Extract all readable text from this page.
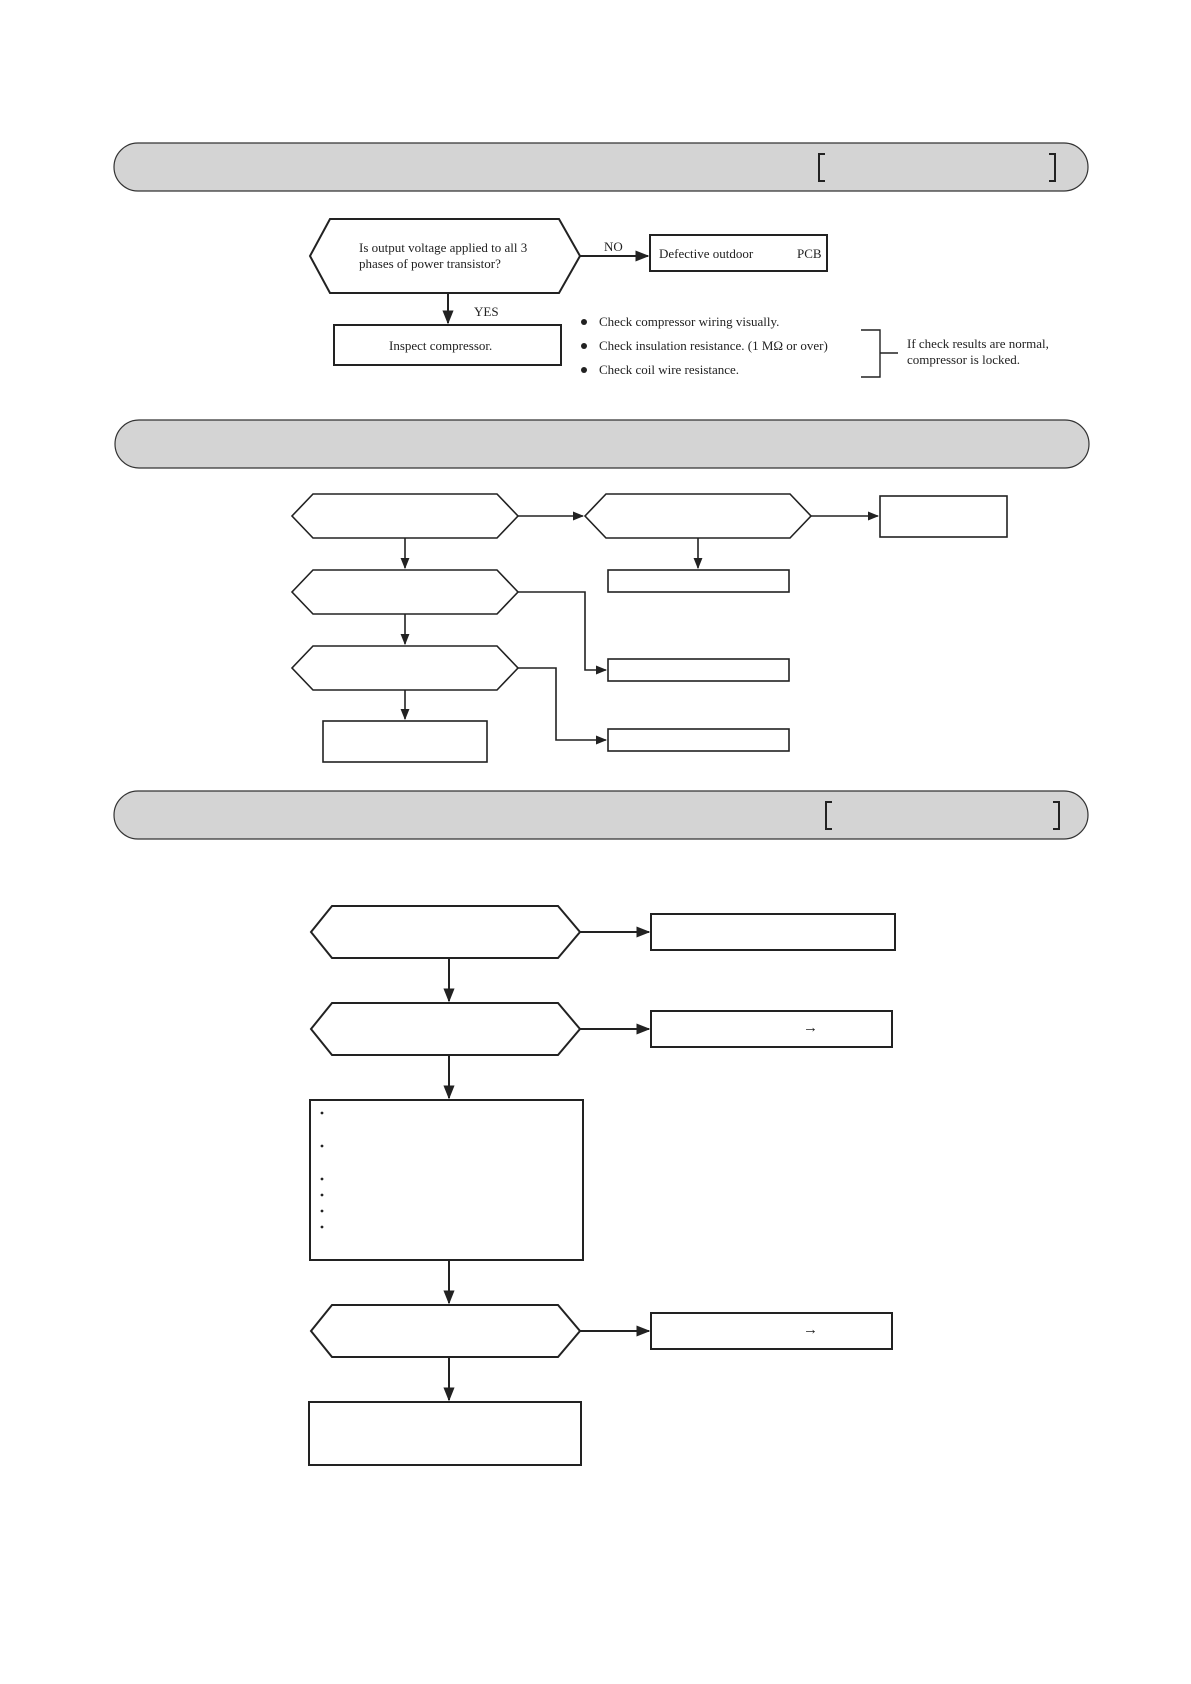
Is output voltage applied to all 3
phases of power transistor?
NO
YES
Defective outdoor	PCB
Inspect compressor.
Check compressor wiring visually.
Check insulation resistance. (1 MΩ or over)
Check coil wire resistance.
If check results are normal,
compressor is locked.
→
→
